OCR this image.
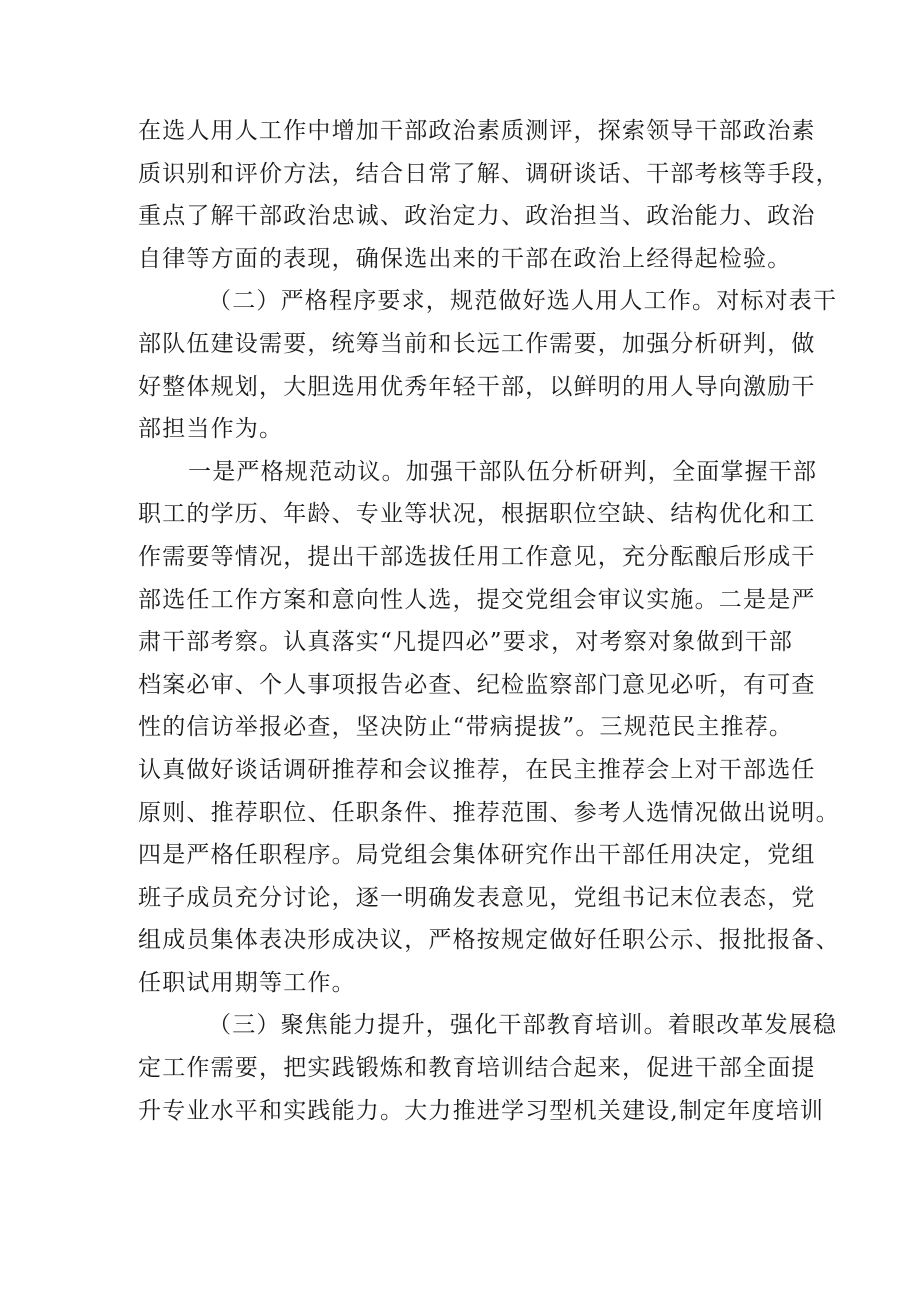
在选人用人工作中增加干部政治素质测评，探索领导干部政治素
质识别和评价方法，结合日常了解、调研谈话、干部考核等手段，
重点了解干部政治忠诚、政治定力、政治担当、政治能力、政治
自律等方面的表现，确保选出来的干部在政治上经得起检验。
（二）严格程序要求，规范做好选人用人工作。对标对表干
部队伍建设需要，统筹当前和长远工作需要，加强分析研判，做
好整体规划，大胆选用优秀年轻干部，以鲜明的用人导向激励干
部担当作为。
一是严格规范动议。加强干部队伍分析研判，全面掌握干部
职工的学历、年龄、专业等状况，根据职位空缺、结构优化和工
作需要等情况，提出干部选拔任用工作意见，充分酝酿后形成干
部选任工作方案和意向性人选，提交党组会审议实施。二是是严
肃干部考察。认真落实“凡提四必”要求，对考察对象做到干部
档案必审、个人事项报告必查、纪检监察部门意见必听，有可查
性的信访举报必查，坚决防止“带病提拔”。三规范民主推荐。
认真做好谈话调研推荐和会议推荐，在民主推荐会上对干部选任
原则、推荐职位、任职条件、推荐范围、参考人选情况做出说明。
四是严格任职程序。局党组会集体研究作出干部任用决定，党组
班子成员充分讨论，逐一明确发表意见，党组书记末位表态，党
组成员集体表决形成决议，严格按规定做好任职公示、报批报备、
任职试用期等工作。
（三）聚焦能力提升，强化干部教育培训。着眼改革发展稳
定工作需要，把实践锻炼和教育培训结合起来，促进干部全面提
升专业水平和实践能力。大力推进学习型机关建设,制定年度培训
